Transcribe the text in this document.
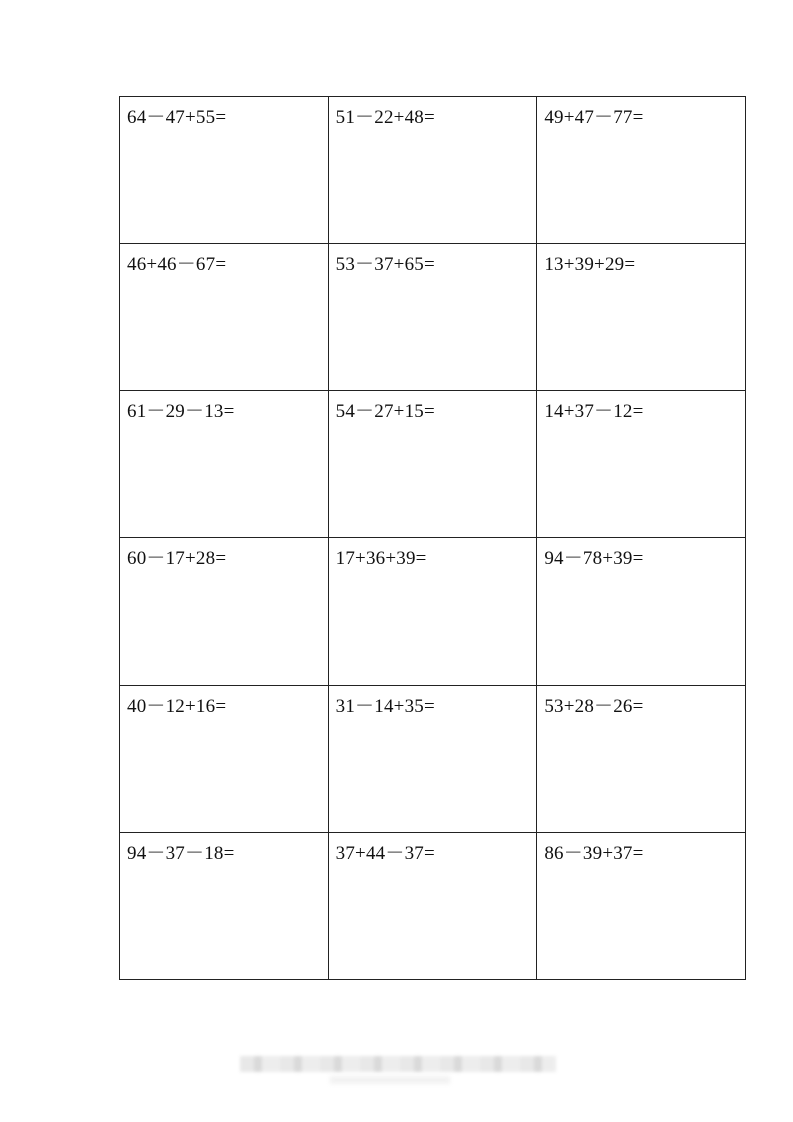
64－47+55=	51－22+48=	49+47－77=
46+46－67=	53－37+65=	13+39+29=
61－29－13=	54－27+15=	14+37－12=
60－17+28=	17+36+39=	94－78+39=
40－12+16=	31－14+35=	53+28－26=
94－37－18=	37+44－37=	86－39+37=
